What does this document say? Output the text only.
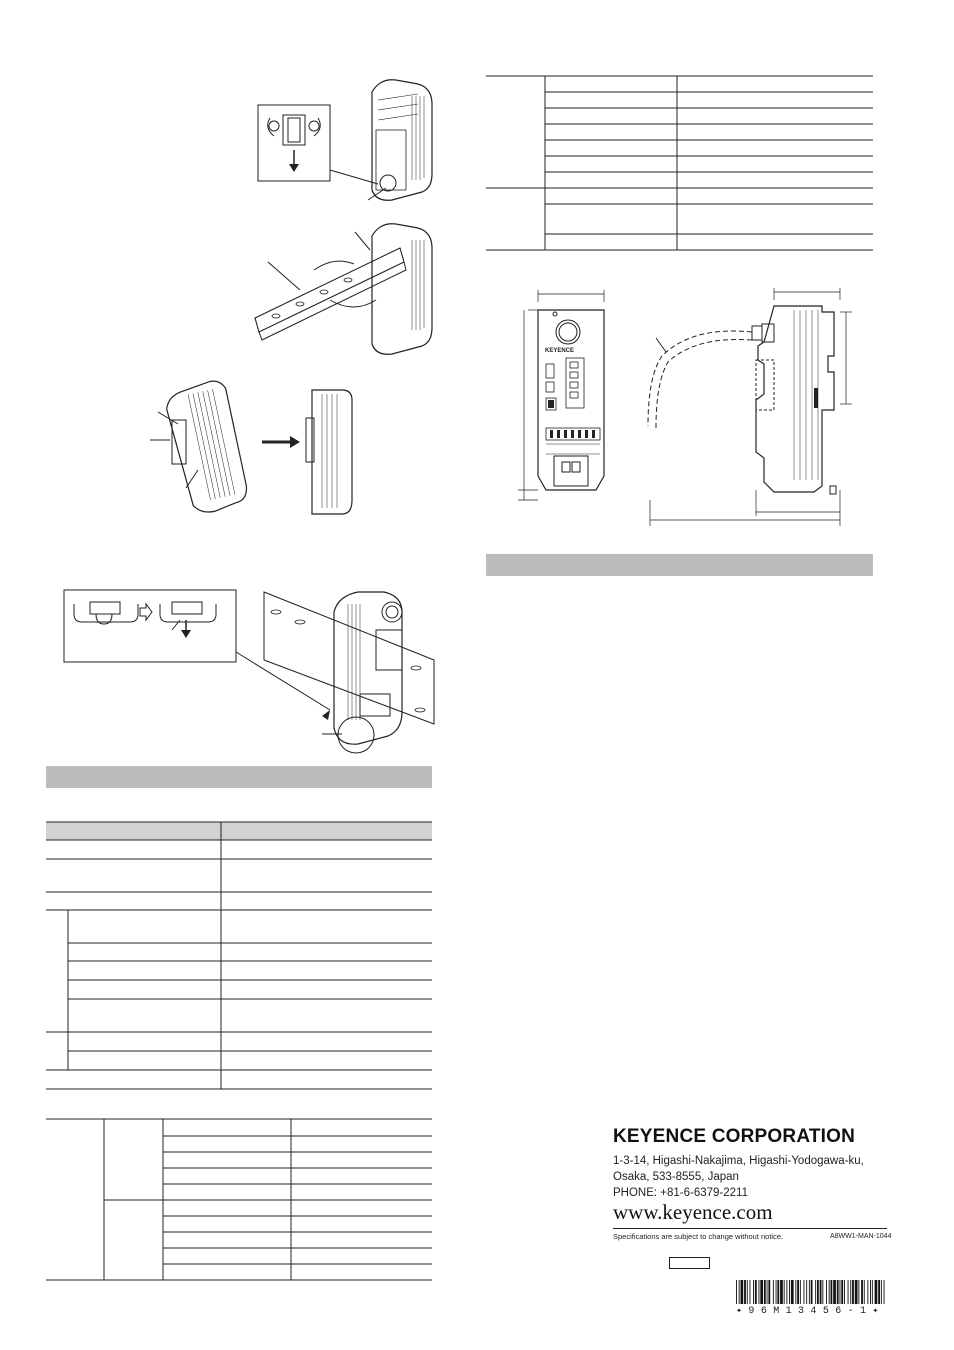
KEYENCE
KEYENCE CORPORATION
1-3-14, Higashi-Nakajima, Higashi-Yodogawa-ku,
Osaka, 533-8555, Japan
PHONE: +81-6-6379-2211
www.keyence.com
Specifications are subject to change without notice.	A8WW1-MAN-1044
✦96M13456-1✦
